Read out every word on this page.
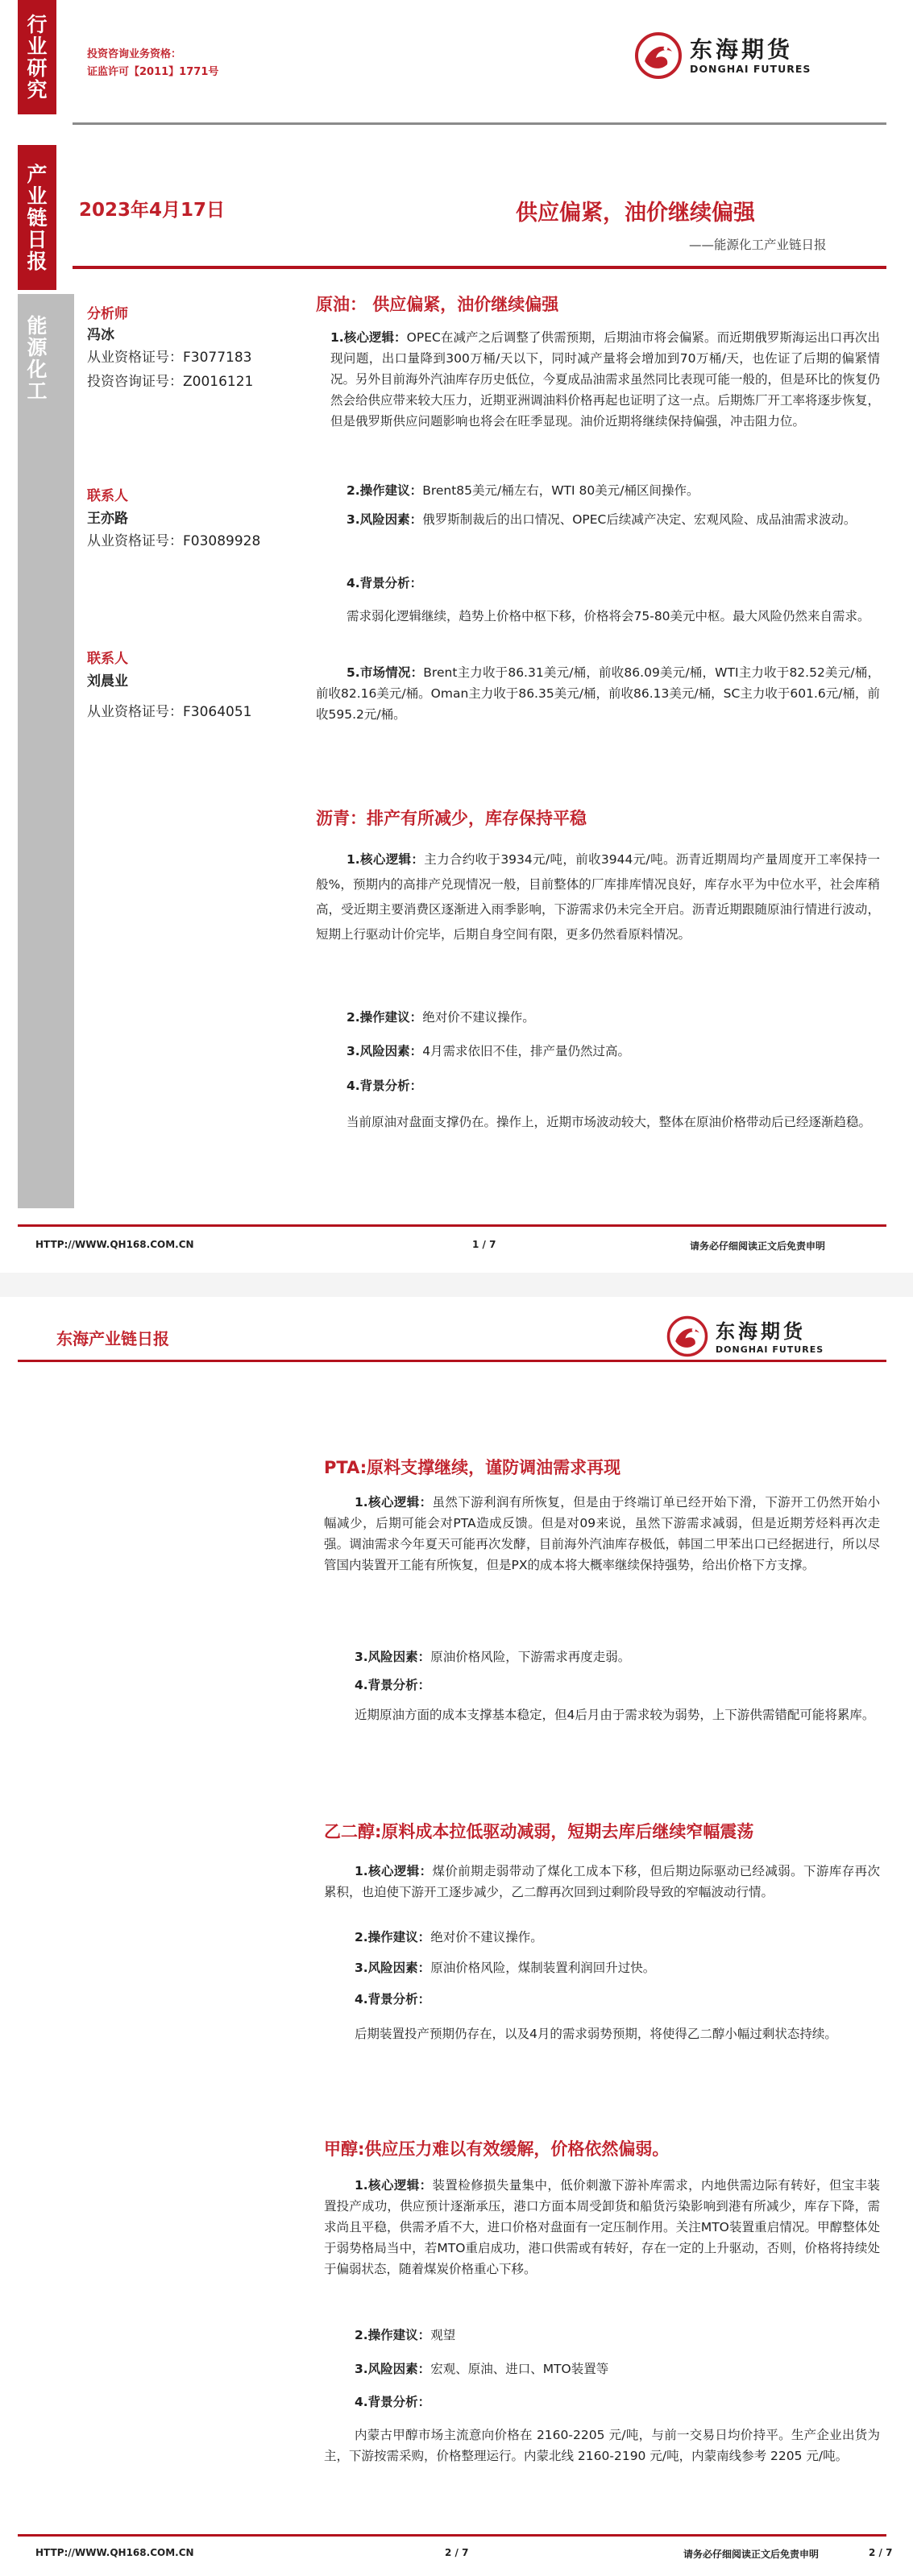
行
业
研
究
投资咨询业务资格：
证监许可【2011】1771号
东海期货
DONGHAI FUTURES
产
业
链
日
报
2023年4月17日	供应偏紧，油价继续偏强
——能源化工产业链日报
能
源
化
工
分析师
冯冰
从业资格证号：F3077183
投资咨询证号：Z0016121
联系人
王亦路
从业资格证号：F03089928
联系人
刘晨业
从业资格证号：F3064051
原油： 供应偏紧，油价继续偏强
1.核心逻辑：OPEC在减产之后调整了供需预期，后期油市将会偏紧。而近期俄罗斯海运出口再次出现问题，出口量降到300万桶/天以下，同时减产量将会增加到70万桶/天，也佐证了后期的偏紧情况。另外目前海外汽油库存历史低位，今夏成品油需求虽然同比表现可能一般的，但是环比的恢复仍然会给供应带来较大压力，近期亚洲调油料价格再起也证明了这一点。后期炼厂开工率将逐步恢复，但是俄罗斯供应问题影响也将会在旺季显现。油价近期将继续保持偏强，冲击阻力位。
2.操作建议：Brent85美元/桶左右，WTI 80美元/桶区间操作。
3.风险因素：俄罗斯制裁后的出口情况、OPEC后续减产决定、宏观风险、成品油需求波动。
4.背景分析：
需求弱化逻辑继续，趋势上价格中枢下移，价格将会75-80美元中枢。最大风险仍然来自需求。
5.市场情况：Brent主力收于86.31美元/桶，前收86.09美元/桶，WTI主力收于82.52美元/桶，前收82.16美元/桶。Oman主力收于86.35美元/桶，前收86.13美元/桶，SC主力收于601.6元/桶，前收595.2元/桶。
沥青：排产有所减少，库存保持平稳
1.核心逻辑：主力合约收于3934元/吨，前收3944元/吨。沥青近期周均产量周度开工率保持一般%，预期内的高排产兑现情况一般，目前整体的厂库排库情况良好，库存水平为中位水平，社会库稍高，受近期主要消费区逐渐进入雨季影响，下游需求仍未完全开启。沥青近期跟随原油行情进行波动，短期上行驱动计价完毕，后期自身空间有限，更多仍然看原料情况。
2.操作建议：绝对价不建议操作。
3.风险因素：4月需求依旧不佳，排产量仍然过高。
4.背景分析：
当前原油对盘面支撑仍在。操作上，近期市场波动较大，整体在原油价格带动后已经逐渐趋稳。
HTTP://WWW.QH168.COM.CN	1 / 7	请务必仔细阅读正文后免责申明
东海产业链日报	东海期货
DONGHAI FUTURES
PTA:原料支撑继续，谨防调油需求再现
1.核心逻辑：虽然下游利润有所恢复，但是由于终端订单已经开始下滑，下游开工仍然开始小幅减少，后期可能会对PTA造成反馈。但是对09来说，虽然下游需求减弱，但是近期芳烃料再次走强。调油需求今年夏天可能再次发酵，目前海外汽油库存极低，韩国二甲苯出口已经据进行，所以尽管国内装置开工能有所恢复，但是PX的成本将大概率继续保持强势，给出价格下方支撑。
3.风险因素：原油价格风险，下游需求再度走弱。
4.背景分析：
近期原油方面的成本支撑基本稳定，但4后月由于需求较为弱势，上下游供需错配可能将累库。
乙二醇:原料成本拉低驱动减弱，短期去库后继续窄幅震荡
1.核心逻辑：煤价前期走弱带动了煤化工成本下移，但后期边际驱动已经减弱。下游库存再次累积，也迫使下游开工逐步减少，乙二醇再次回到过剩阶段导致的窄幅波动行情。
2.操作建议：绝对价不建议操作。
3.风险因素：原油价格风险，煤制装置利润回升过快。
4.背景分析：
后期装置投产预期仍存在，以及4月的需求弱势预期，将使得乙二醇小幅过剩状态持续。
甲醇:供应压力难以有效缓解，价格依然偏弱。
1.核心逻辑：装置检修损失量集中，低价刺激下游补库需求，内地供需边际有转好，但宝丰装置投产成功，供应预计逐渐承压，港口方面本周受卸货和船货污染影响到港有所减少，库存下降，需求尚且平稳，供需矛盾不大，进口价格对盘面有一定压制作用。关注MTO装置重启情况。甲醇整体处于弱势格局当中，若MTO重启成功，港口供需或有转好，存在一定的上升驱动，否则，价格将持续处于偏弱状态，随着煤炭价格重心下移。
2.操作建议：观望
3.风险因素：宏观、原油、进口、MTO装置等
4.背景分析：
内蒙古甲醇市场主流意向价格在 2160-2205 元/吨，与前一交易日均价持平。生产企业出货为主，下游按需采购，价格整理运行。内蒙北线 2160-2190 元/吨，内蒙南线参考 2205 元/吨。
HTTP://WWW.QH168.COM.CN	2 / 7	请务必仔细阅读正文后免责申明	2 / 7
